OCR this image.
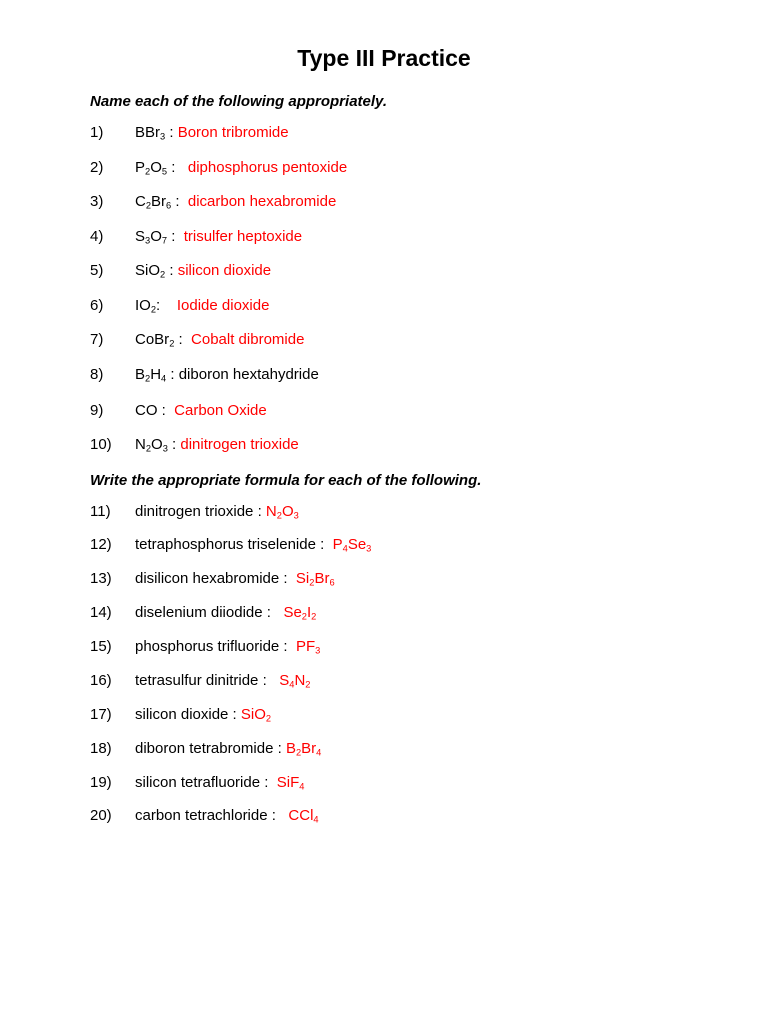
Type III Practice
Name each of the following appropriately.
1) BBr$_3$ : Boron tribromide
2) $P_2O_5$ :   diphosphorus pentoxide
3) $C_2Br_6$ :  dicarbon hexabromide
4) $S_3O_7$ :  trisulfer heptoxide
5) SiO$_2$ : silicon dioxide
6) $IO_2$:    Iodide dioxide
7) CoBr$_2$ :  Cobalt dibromide
8) $B_2H_4$ : diboron hextahydride
9) CO :  Carbon Oxide
10) $N_2O_3$ : dinitrogen trioxide
Write the appropriate formula for each of the following.
11) dinitrogen trioxide : $N_2O_3$
12) tetraphosphorus triselenide :  $P_4Se_3$
13) disilicon hexabromide :  $Si_2Br_6$
14) diselenium diiodide :   $Se_2I_2$
15) phosphorus trifluoride :  $PF_3$
16) tetrasulfur dinitride :   $S_4N_2$
17) silicon dioxide : SiO$_2$
18) diboron tetrabromide : $B_2Br_4$
19) silicon tetrafluoride :  SiF$_4$
20) carbon tetrachloride :   CCl$_4$
